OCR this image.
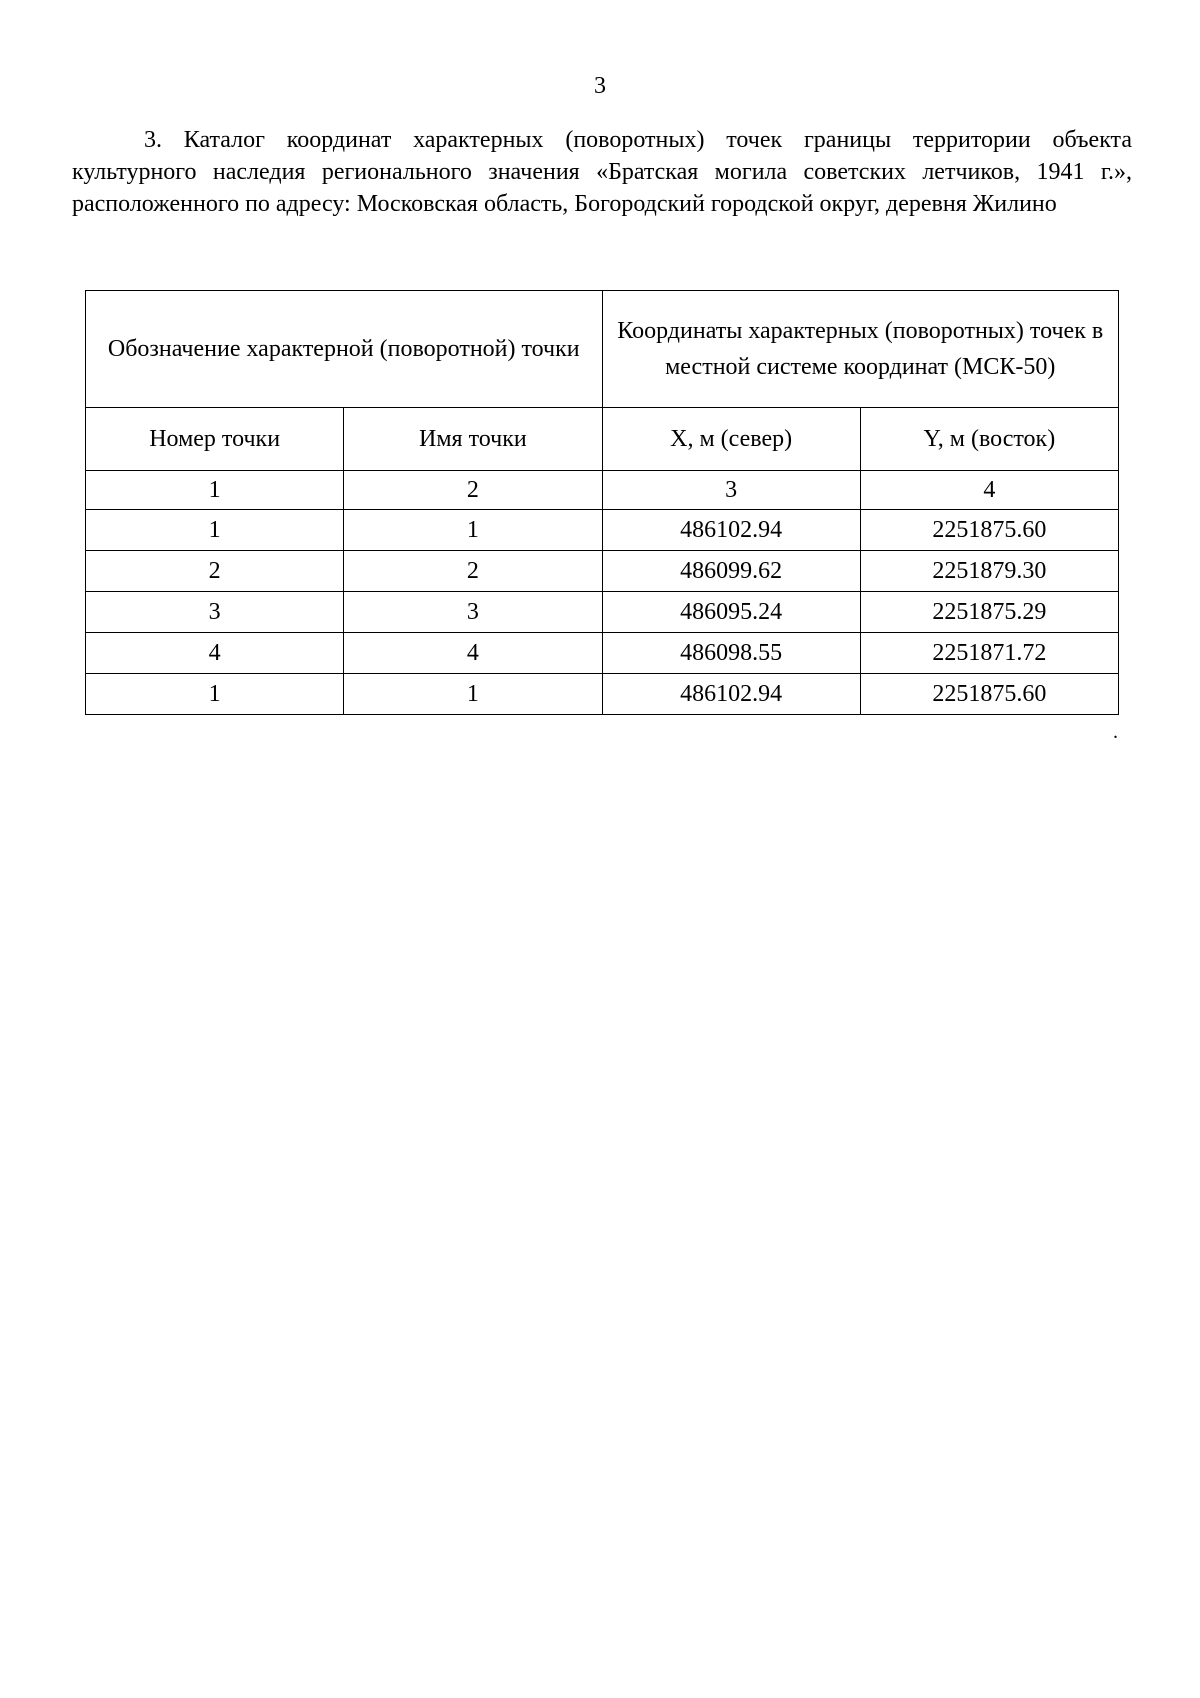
3

3. Каталог координат характерных (поворотных) точек границы территории объекта культурного наследия регионального значения «Братская могила советских летчиков, 1941 г.», расположенного по адресу: Московская область, Богородский городской округ, деревня Жилино

Обозначение характерной (поворотной) точки		Координаты характерных (поворотных) точек в местной системе координат (МСК-50)	
Номер точки	Имя точки	X, м (север)	Y, м (восток)
1	2	3	4
1	1	486102.94	2251875.60
2	2	486099.62	2251879.30
3	3	486095.24	2251875.29
4	4	486098.55	2251871.72
1	1	486102.94	2251875.60
.
